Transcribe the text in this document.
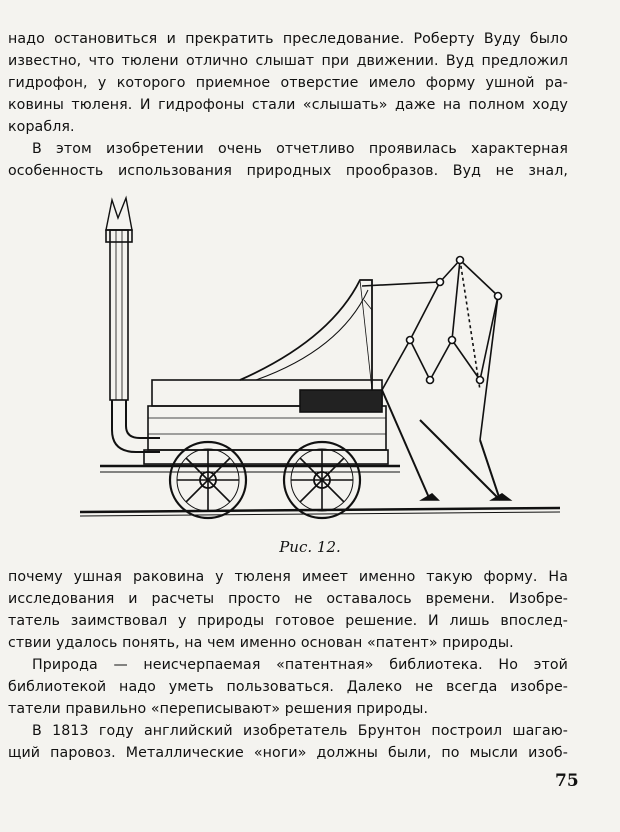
надо остановиться и прекратить преследование. Роберту Вуду было
известно, что тюлени отлично слышат при движении. Вуд предложил
гидрофон, у которого приемное отверстие имело форму ушной ра-
ковины тюленя. И гидрофоны стали «слышать» даже на полном ходу
корабля.
В этом изобретении очень отчетливо проявилась характерная
особенность использования природных прообразов. Вуд не знал,
Рис. 12.
почему ушная раковина у тюленя имеет именно такую форму. На
исследования и расчеты просто не оставалось времени. Изобре-
татель заимствовал у природы готовое решение. И лишь впослед-
ствии удалось понять, на чем именно основан «патент» природы.
Природа — неисчерпаемая «патентная» библиотека. Но этой
библиотекой надо уметь пользоваться. Далеко не всегда изобре-
татели правильно «переписывают» решения природы.
В 1813 году английский изобретатель Брунтон построил шагаю-
щий паровоз. Металлические «ноги» должны были, по мысли изоб-
75
